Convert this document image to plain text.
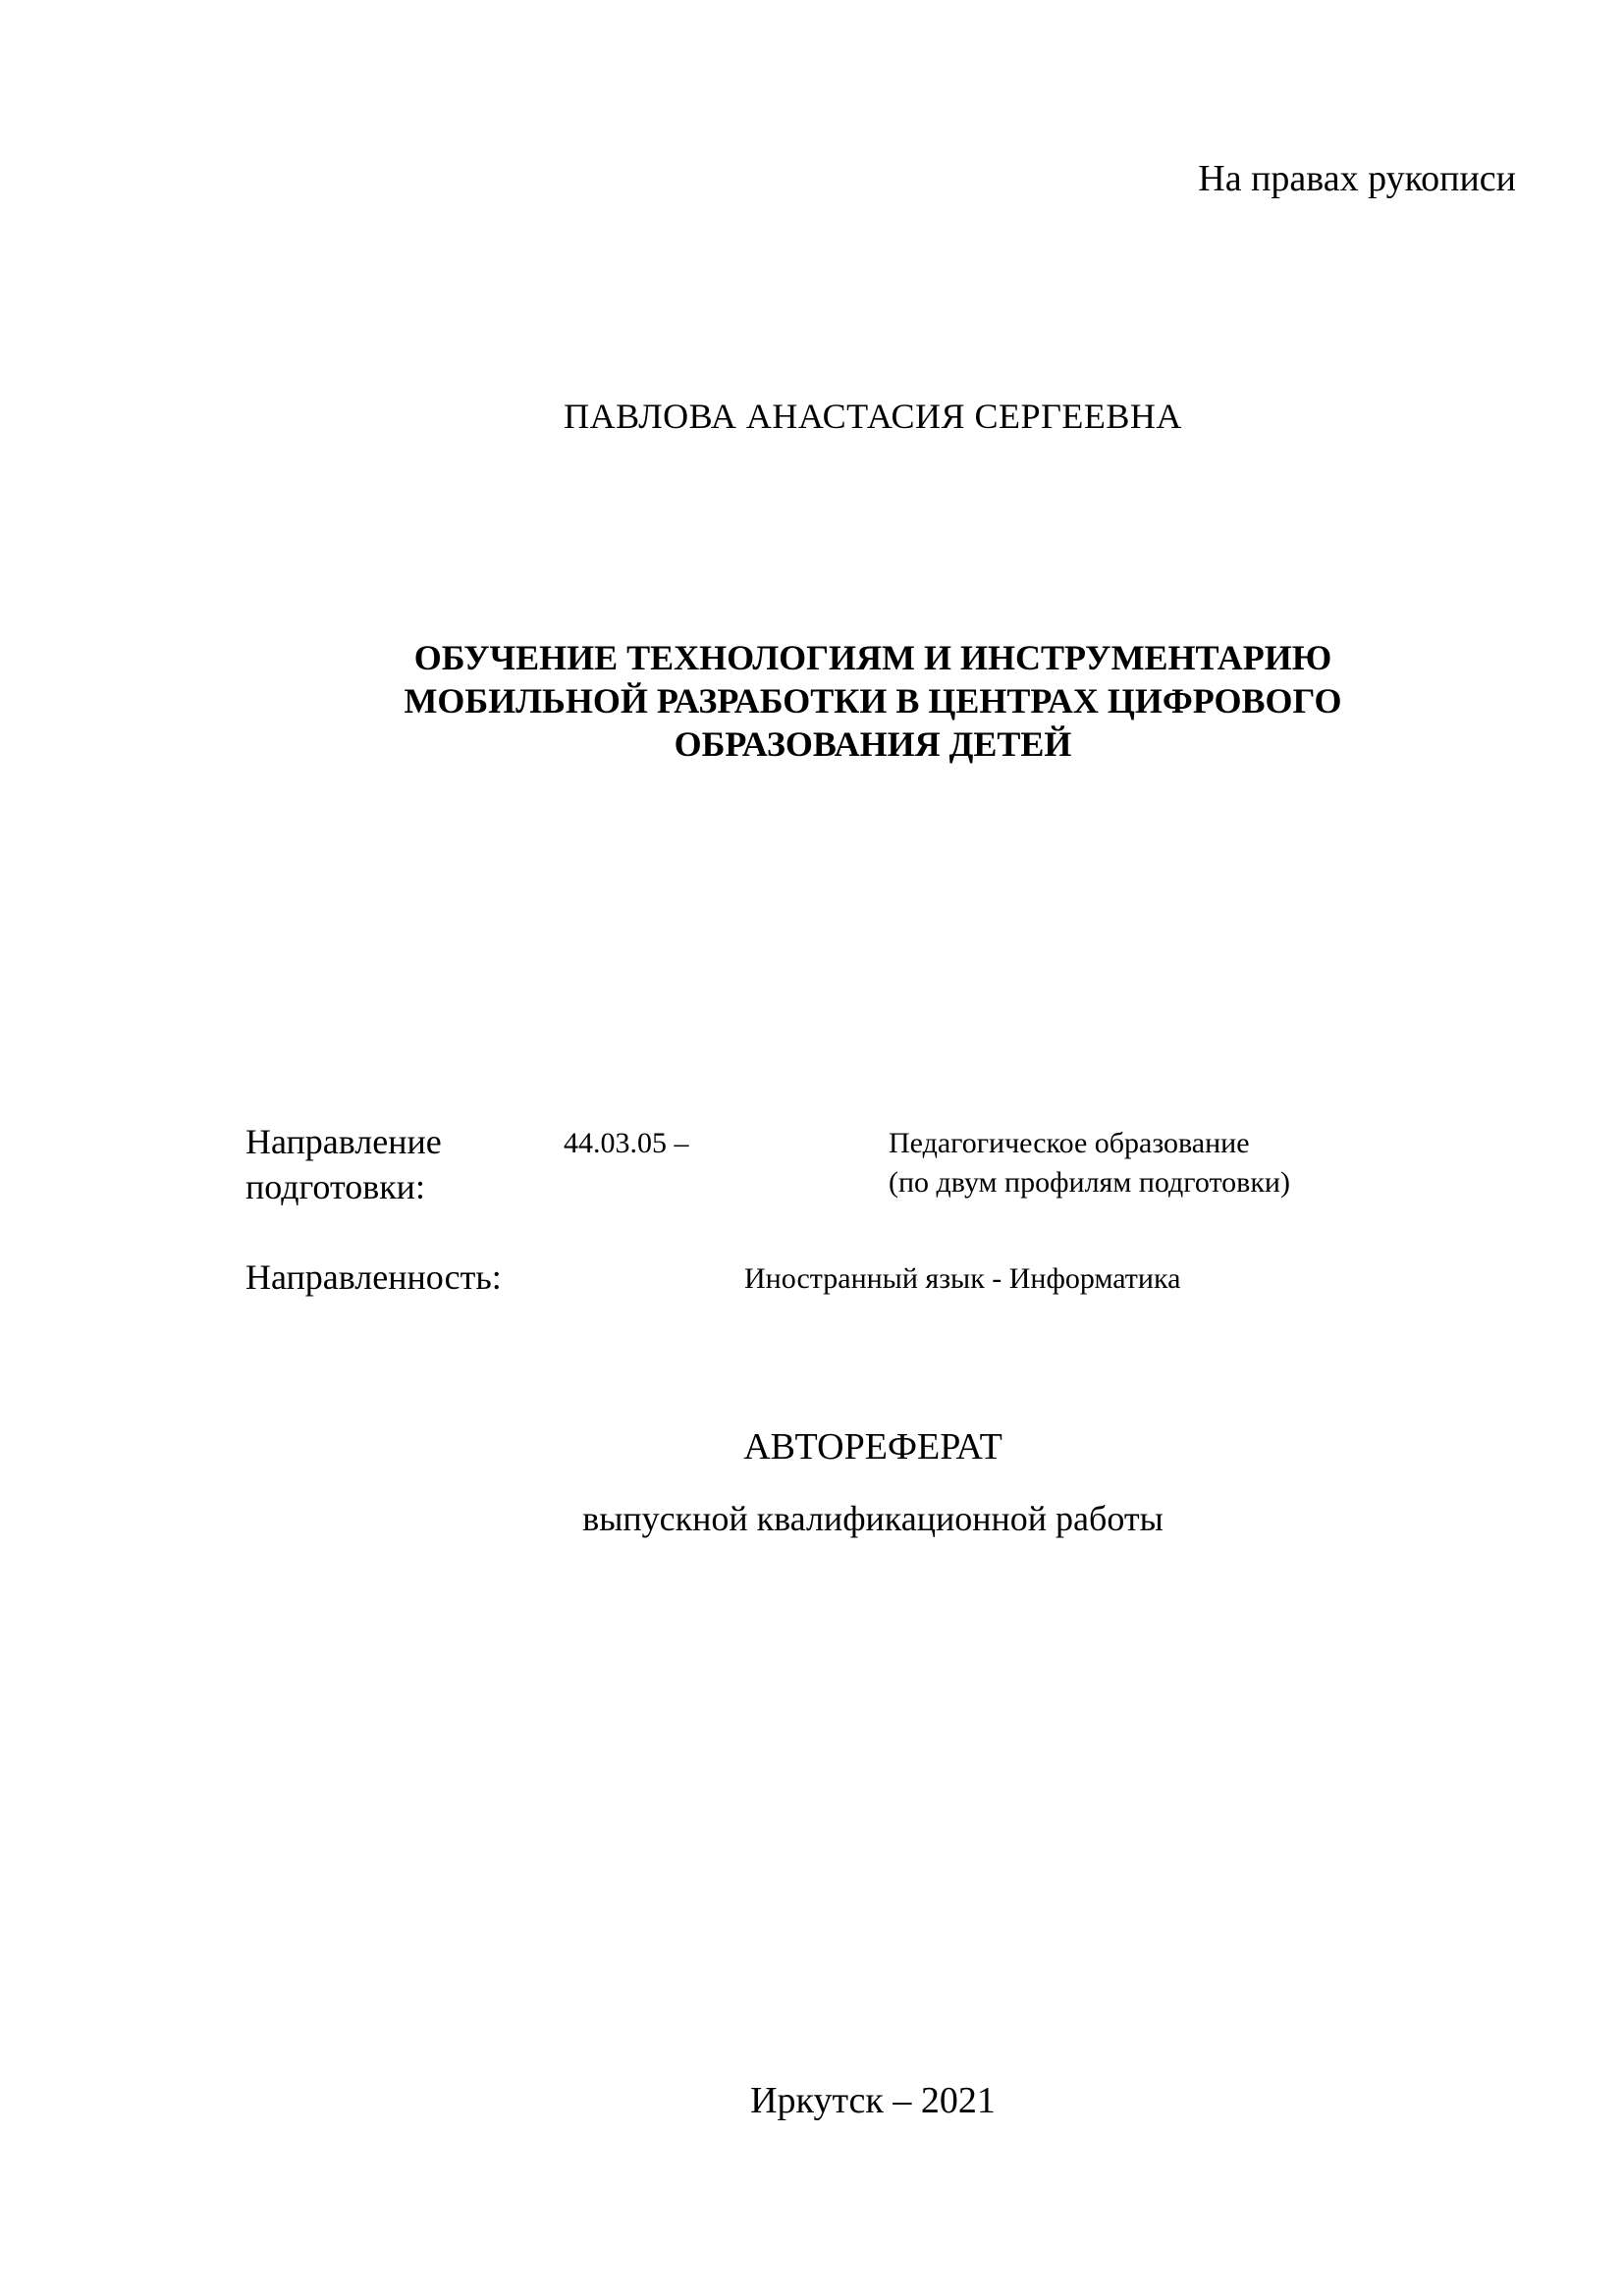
На правах рукописи
ПАВЛОВА АНАСТАСИЯ СЕРГЕЕВНА
ОБУЧЕНИЕ ТЕХНОЛОГИЯМ И ИНСТРУМЕНТАРИЮ
МОБИЛЬНОЙ РАЗРАБОТКИ В ЦЕНТРАХ ЦИФРОВОГО
ОБРАЗОВАНИЯ ДЕТЕЙ
Направление
подготовки:
44.03.05 –	Педагогическое образование
(по двум профилям подготовки)
Направленность:	Иностранный язык - Информатика
АВТОРЕФЕРАТ
выпускной квалификационной работы
Иркутск – 2021
